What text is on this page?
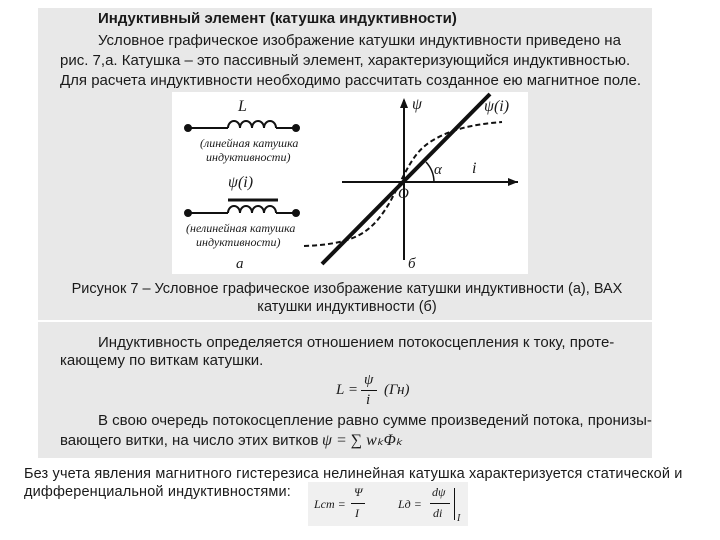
Индуктивный элемент (катушка индуктивности)
Условное графическое изображение катушки индуктивности приведено на
рис. 7,а. Катушка – это пассивный элемент, характеризующийся индуктивностью.
Для расчета индуктивности необходимо рассчитать созданное ею магнитное поле.
L
(линейная катушка
индуктивности)
ψ(i)
(нелинейная катушка
индуктивности)
а
ψ
i
O
ψ(i)
α
б
Рисунок 7 – Условное графическое изображение катушки индуктивности (а), ВАХ
катушки индуктивности (б)
Индуктивность определяется отношением потокосцепления к току, проте-
кающему по виткам катушки.
L =
ψ
i
(Гн)
В свою очередь потокосцепление равно сумме произведений потока, пронизы-
вающего витки, на число этих витков ψ = ∑ wₖΦₖ
Без учета явления магнитного гистерезиса нелинейная катушка характеризуется статической и
дифференциальной индуктивностями:
Lст =
Ψ
I
Lд =
dψ
di I
